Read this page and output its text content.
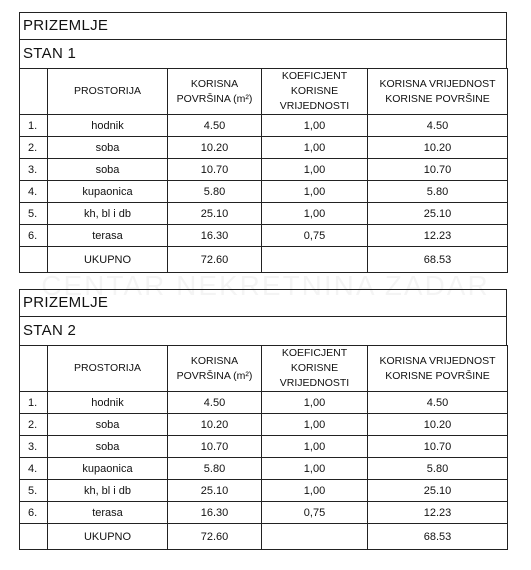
PRIZEMLJE
STAN 1
	PROSTORIJA	KORISNA POVRŠINA (m²)	KOEFICJENT KORISNE VRIJEDNOSTI	KORISNA VRIJEDNOST KORISNE POVRŠINE
1.	hodnik	4.50	1,00	4.50
2.	soba	10.20	1,00	10.20
3.	soba	10.70	1,00	10.70
4.	kupaonica	5.80	1,00	5.80
5.	kh, bl i db	25.10	1,00	25.10
6.	terasa	16.30	0,75	12.23
	UKUPNO	72.60		68.53
PRIZEMLJE
STAN 2
	PROSTORIJA	KORISNA POVRŠINA (m²)	KOEFICJENT KORISNE VRIJEDNOSTI	KORISNA VRIJEDNOST KORISNE POVRŠINE
1.	hodnik	4.50	1,00	4.50
2.	soba	10.20	1,00	10.20
3.	soba	10.70	1,00	10.70
4.	kupaonica	5.80	1,00	5.80
5.	kh, bl i db	25.10	1,00	25.10
6.	terasa	16.30	0,75	12.23
	UKUPNO	72.60		68.53
